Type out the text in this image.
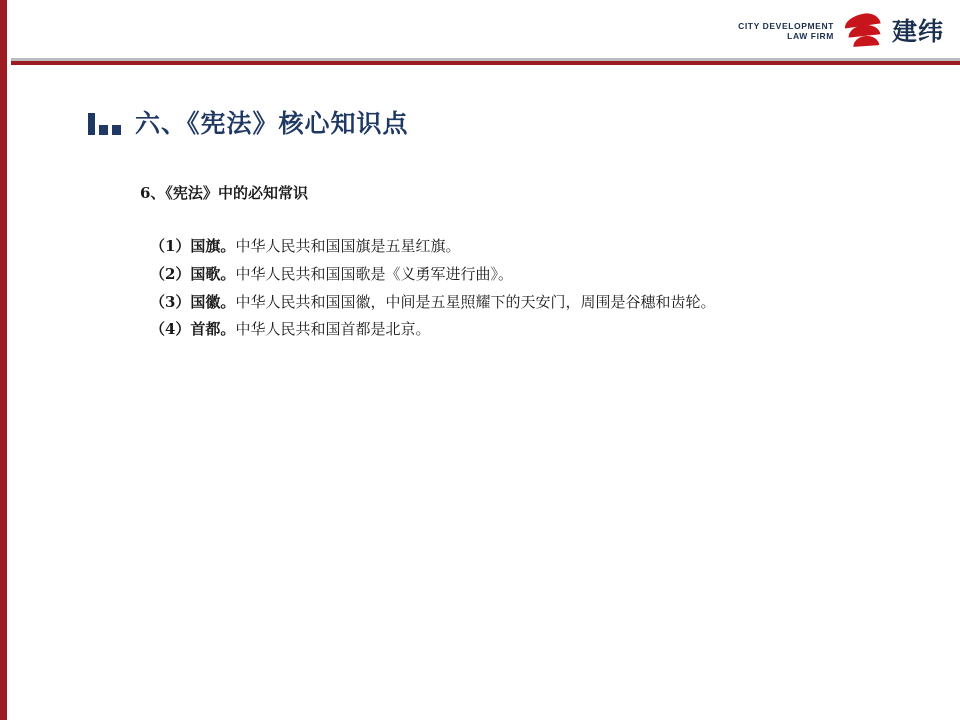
CITY DEVELOPMENT
LAW FIRM 建纬
六、《宪法》核心知识点
6、《宪法》中的必知常识
（1）国旗。中华人民共和国国旗是五星红旗。
（2）国歌。中华人民共和国国歌是《义勇军进行曲》。
（3）国徽。中华人民共和国国徽，中间是五星照耀下的天安门，周围是谷穗和齿轮。
（4）首都。中华人民共和国首都是北京。
